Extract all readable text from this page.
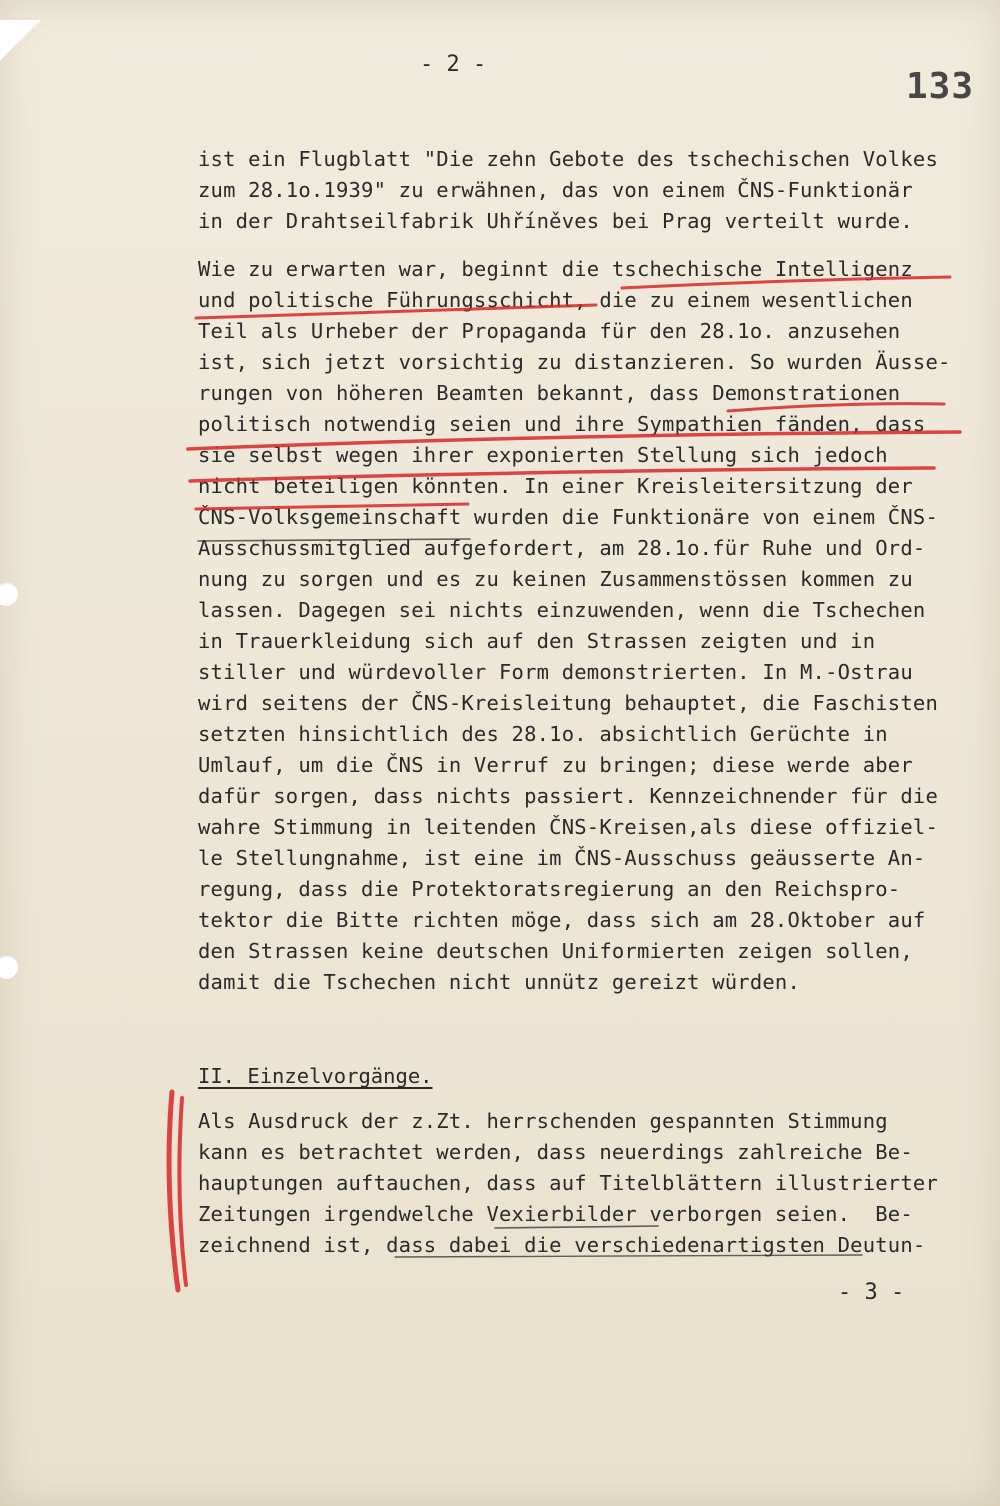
- 2 -
133
ist ein Flugblatt "Die zehn Gebote des tschechischen Volkes
zum 28.1o.1939" zu erwähnen, das von einem ČNS-Funktionär
in der Drahtseilfabrik Uhříněves bei Prag verteilt wurde.
Wie zu erwarten war, beginnt die tschechische Intelligenz
und politische Führungsschicht, die zu einem wesentlichen
Teil als Urheber der Propaganda für den 28.1o. anzusehen
ist, sich jetzt vorsichtig zu distanzieren. So wurden Äusse-
rungen von höheren Beamten bekannt, dass Demonstrationen
politisch notwendig seien und ihre Sympathien fänden, dass
sie selbst wegen ihrer exponierten Stellung sich jedoch
nicht beteiligen könnten. In einer Kreisleitersitzung der
ČNS-Volksgemeinschaft wurden die Funktionäre von einem ČNS-
Ausschussmitglied aufgefordert, am 28.1o.für Ruhe und Ord-
nung zu sorgen und es zu keinen Zusammenstössen kommen zu
lassen. Dagegen sei nichts einzuwenden, wenn die Tschechen
in Trauerkleidung sich auf den Strassen zeigten und in
stiller und würdevoller Form demonstrierten. In M.-Ostrau
wird seitens der ČNS-Kreisleitung behauptet, die Faschisten
setzten hinsichtlich des 28.1o. absichtlich Gerüchte in
Umlauf, um die ČNS in Verruf zu bringen; diese werde aber
dafür sorgen, dass nichts passiert. Kennzeichnender für die
wahre Stimmung in leitenden ČNS-Kreisen,als diese offiziel-
le Stellungnahme, ist eine im ČNS-Ausschuss geäusserte An-
regung, dass die Protektoratsregierung an den Reichspro-
tektor die Bitte richten möge, dass sich am 28.Oktober auf
den Strassen keine deutschen Uniformierten zeigen sollen,
damit die Tschechen nicht unnütz gereizt würden.
II. Einzelvorgänge.
Als Ausdruck der z.Zt. herrschenden gespannten Stimmung
kann es betrachtet werden, dass neuerdings zahlreiche Be-
hauptungen auftauchen, dass auf Titelblättern illustrierter
Zeitungen irgendwelche Vexierbilder verborgen seien.  Be-
zeichnend ist, dass dabei die verschiedenartigsten Deutun-
- 3 -
